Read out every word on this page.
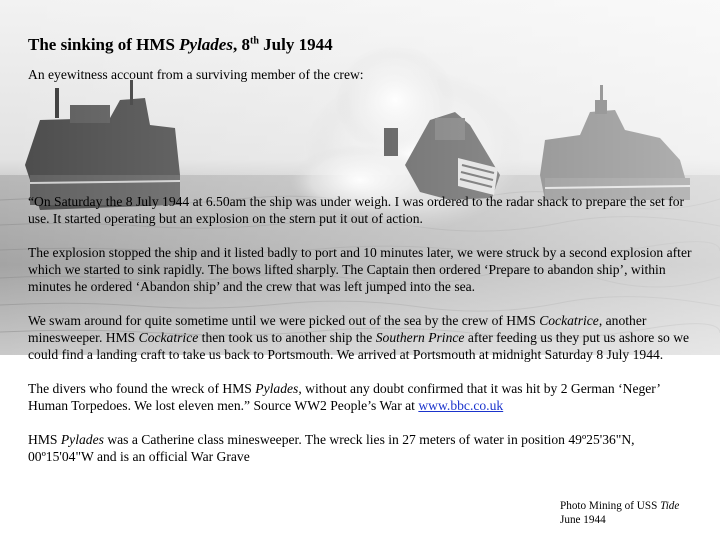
The sinking of HMS Pylades, 8th July 1944

An eyewitness account from a surviving member of the crew:

“On Saturday the 8 July 1944 at 6.50am the ship was under weigh. I was ordered to the radar shack to prepare the set for use. It started operating but an explosion on the stern put it out of action.

The explosion stopped the ship and it listed badly to port and 10 minutes later, we were struck by a second explosion after which we started to sink rapidly. The bows lifted sharply. The Captain then ordered ‘Prepare to abandon ship’, within minutes he ordered ‘Abandon ship’ and the crew that was left jumped into the sea.

We swam around for quite sometime until we were picked out of the sea by the crew of HMS Cockatrice, another minesweeper. HMS Cockatrice then took us to another ship the Southern Prince after feeding us they put us ashore so we could find a landing craft to take us back to Portsmouth. We arrived at Portsmouth at midnight Saturday 8 July 1944.

The divers who found the wreck of HMS Pylades, without any doubt confirmed that it was hit by 2 German ‘Neger’ Human Torpedoes. We lost eleven men.” Source WW2 People’s War at www.bbc.co.uk

HMS Pylades was a Catherine class minesweeper. The wreck lies in 27 meters of water in position 49º25'36"N, 00º15'04"W and is an official War Grave

Photo Mining of USS Tide
June 1944
